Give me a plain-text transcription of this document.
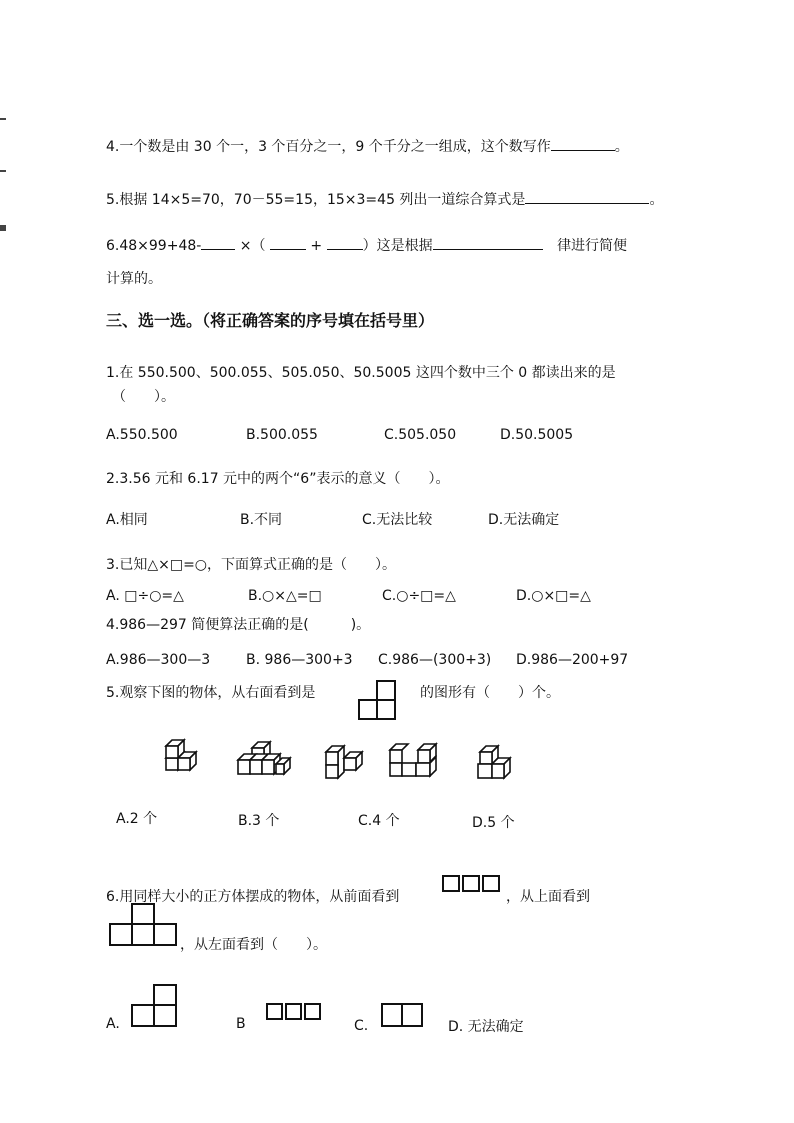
4.一个数是由 30 个一，3 个百分之一，9 个千分之一组成，这个数写作	。
5.根据 14×5=70，70－55=15，15×3=45 列出一道综合算式是	。
6.48×99+48-	×（	+	）这是根据	律进行简便
计算的。
三、选一选。（将正确答案的序号填在括号里）
1.在 550.500、500.055、505.050、50.5005 这四个数中三个 0 都读出来的是
（　　）。
A.550.500	B.500.055	C.505.050	D.50.5005
2.3.56 元和 6.17 元中的两个“6”表示的意义（　　）。
A.相同	B.不同	C.无法比较	D.无法确定
3.已知△×□=○，下面算式正确的是（　　）。
A. □÷○=△	B.○×△=□	C.○÷□=△	D.○×□=△
4.986—297 简便算法正确的是(　　　)。
A.986—300—3	B. 986—300+3 C.986—(300+3) D.986—200+97
5.观察下图的物体，从右面看到是	的图形有（　　）个。
A.2 个	B.3 个	C.4 个	D.5 个
6.用同样大小的正方体摆成的物体，从前面看到	，从上面看到
，从左面看到（　　）。
A.	B	C.	D. 无法确定
